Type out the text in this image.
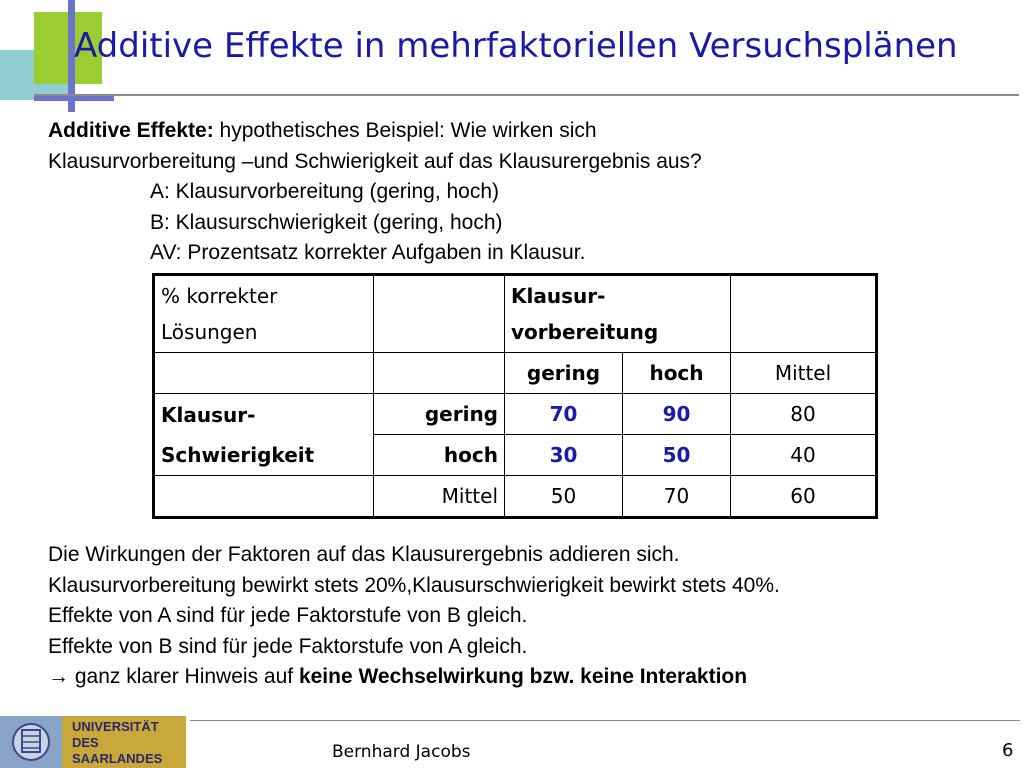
Additive Effekte in mehrfaktoriellen Versuchsplänen
Additive Effekte: hypothetisches Beispiel: Wie wirken sich
Klausurvorbereitung –und Schwierigkeit auf das Klausurergebnis aus?
A: Klausurvorbereitung (gering, hoch)
B: Klausurschwierigkeit (gering, hoch)
AV: Prozentsatz korrekter Aufgaben in Klausur.
% korrekter
Lösungen		Klausur-
vorbereitung		
		gering	hoch	Mittel
Klausur-
Schwierigkeit	gering	70	90	80
	hoch	30	50	40
	Mittel	50	70	60
Die Wirkungen der Faktoren auf das Klausurergebnis addieren sich.
Klausurvorbereitung bewirkt stets 20%,Klausurschwierigkeit bewirkt stets 40%.
Effekte von A sind für jede Faktorstufe von B gleich.
Effekte von B sind für jede Faktorstufe von A gleich.
→ ganz klarer Hinweis auf keine Wechselwirkung bzw. keine Interaktion
UNIVERSITÄT
DES
SAARLANDES	Bernhard Jacobs	6
